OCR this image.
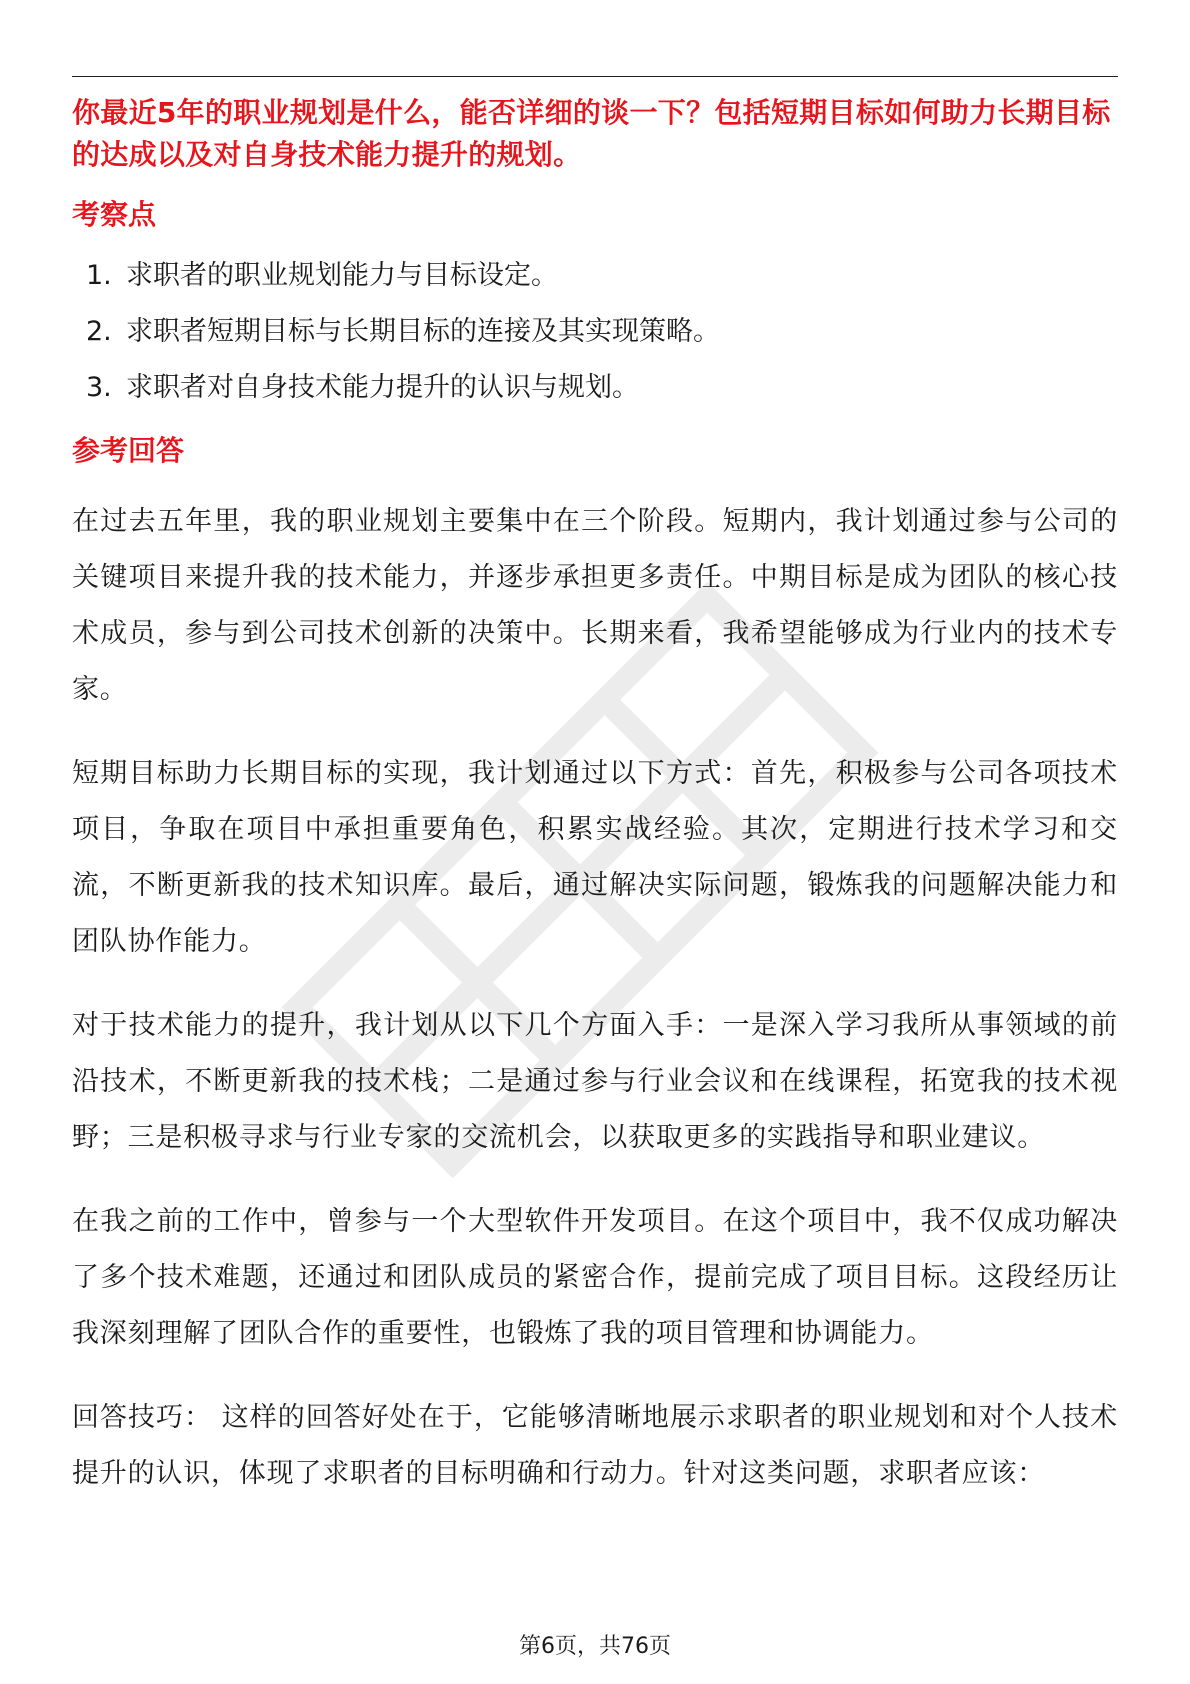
你最近5年的职业规划是什么，能否详细的谈一下？包括短期目标如何助力长期目标的达成以及对自身技术能力提升的规划。

考察点
1. 求职者的职业规划能力与目标设定。
2. 求职者短期目标与长期目标的连接及其实现策略。
3. 求职者对自身技术能力提升的认识与规划。
参考回答

在过去五年里，我的职业规划主要集中在三个阶段。短期内，我计划通过参与公司的关键项目来提升我的技术能力，并逐步承担更多责任。中期目标是成为团队的核心技术成员，参与到公司技术创新的决策中。长期来看，我希望能够成为行业内的技术专家。

短期目标助力长期目标的实现，我计划通过以下方式：首先，积极参与公司各项技术项目，争取在项目中承担重要角色，积累实战经验。其次，定期进行技术学习和交流，不断更新我的技术知识库。最后，通过解决实际问题，锻炼我的问题解决能力和团队协作能力。

对于技术能力的提升，我计划从以下几个方面入手：一是深入学习我所从事领域的前沿技术，不断更新我的技术栈；二是通过参与行业会议和在线课程，拓宽我的技术视野；三是积极寻求与行业专家的交流机会，以获取更多的实践指导和职业建议。

在我之前的工作中，曾参与一个大型软件开发项目。在这个项目中，我不仅成功解决了多个技术难题，还通过和团队成员的紧密合作，提前完成了项目目标。这段经历让我深刻理解了团队合作的重要性，也锻炼了我的项目管理和协调能力。

回答技巧： 这样的回答好处在于，它能够清晰地展示求职者的职业规划和对个人技术提升的认识，体现了求职者的目标明确和行动力。针对这类问题，求职者应该：

第6页，共76页
